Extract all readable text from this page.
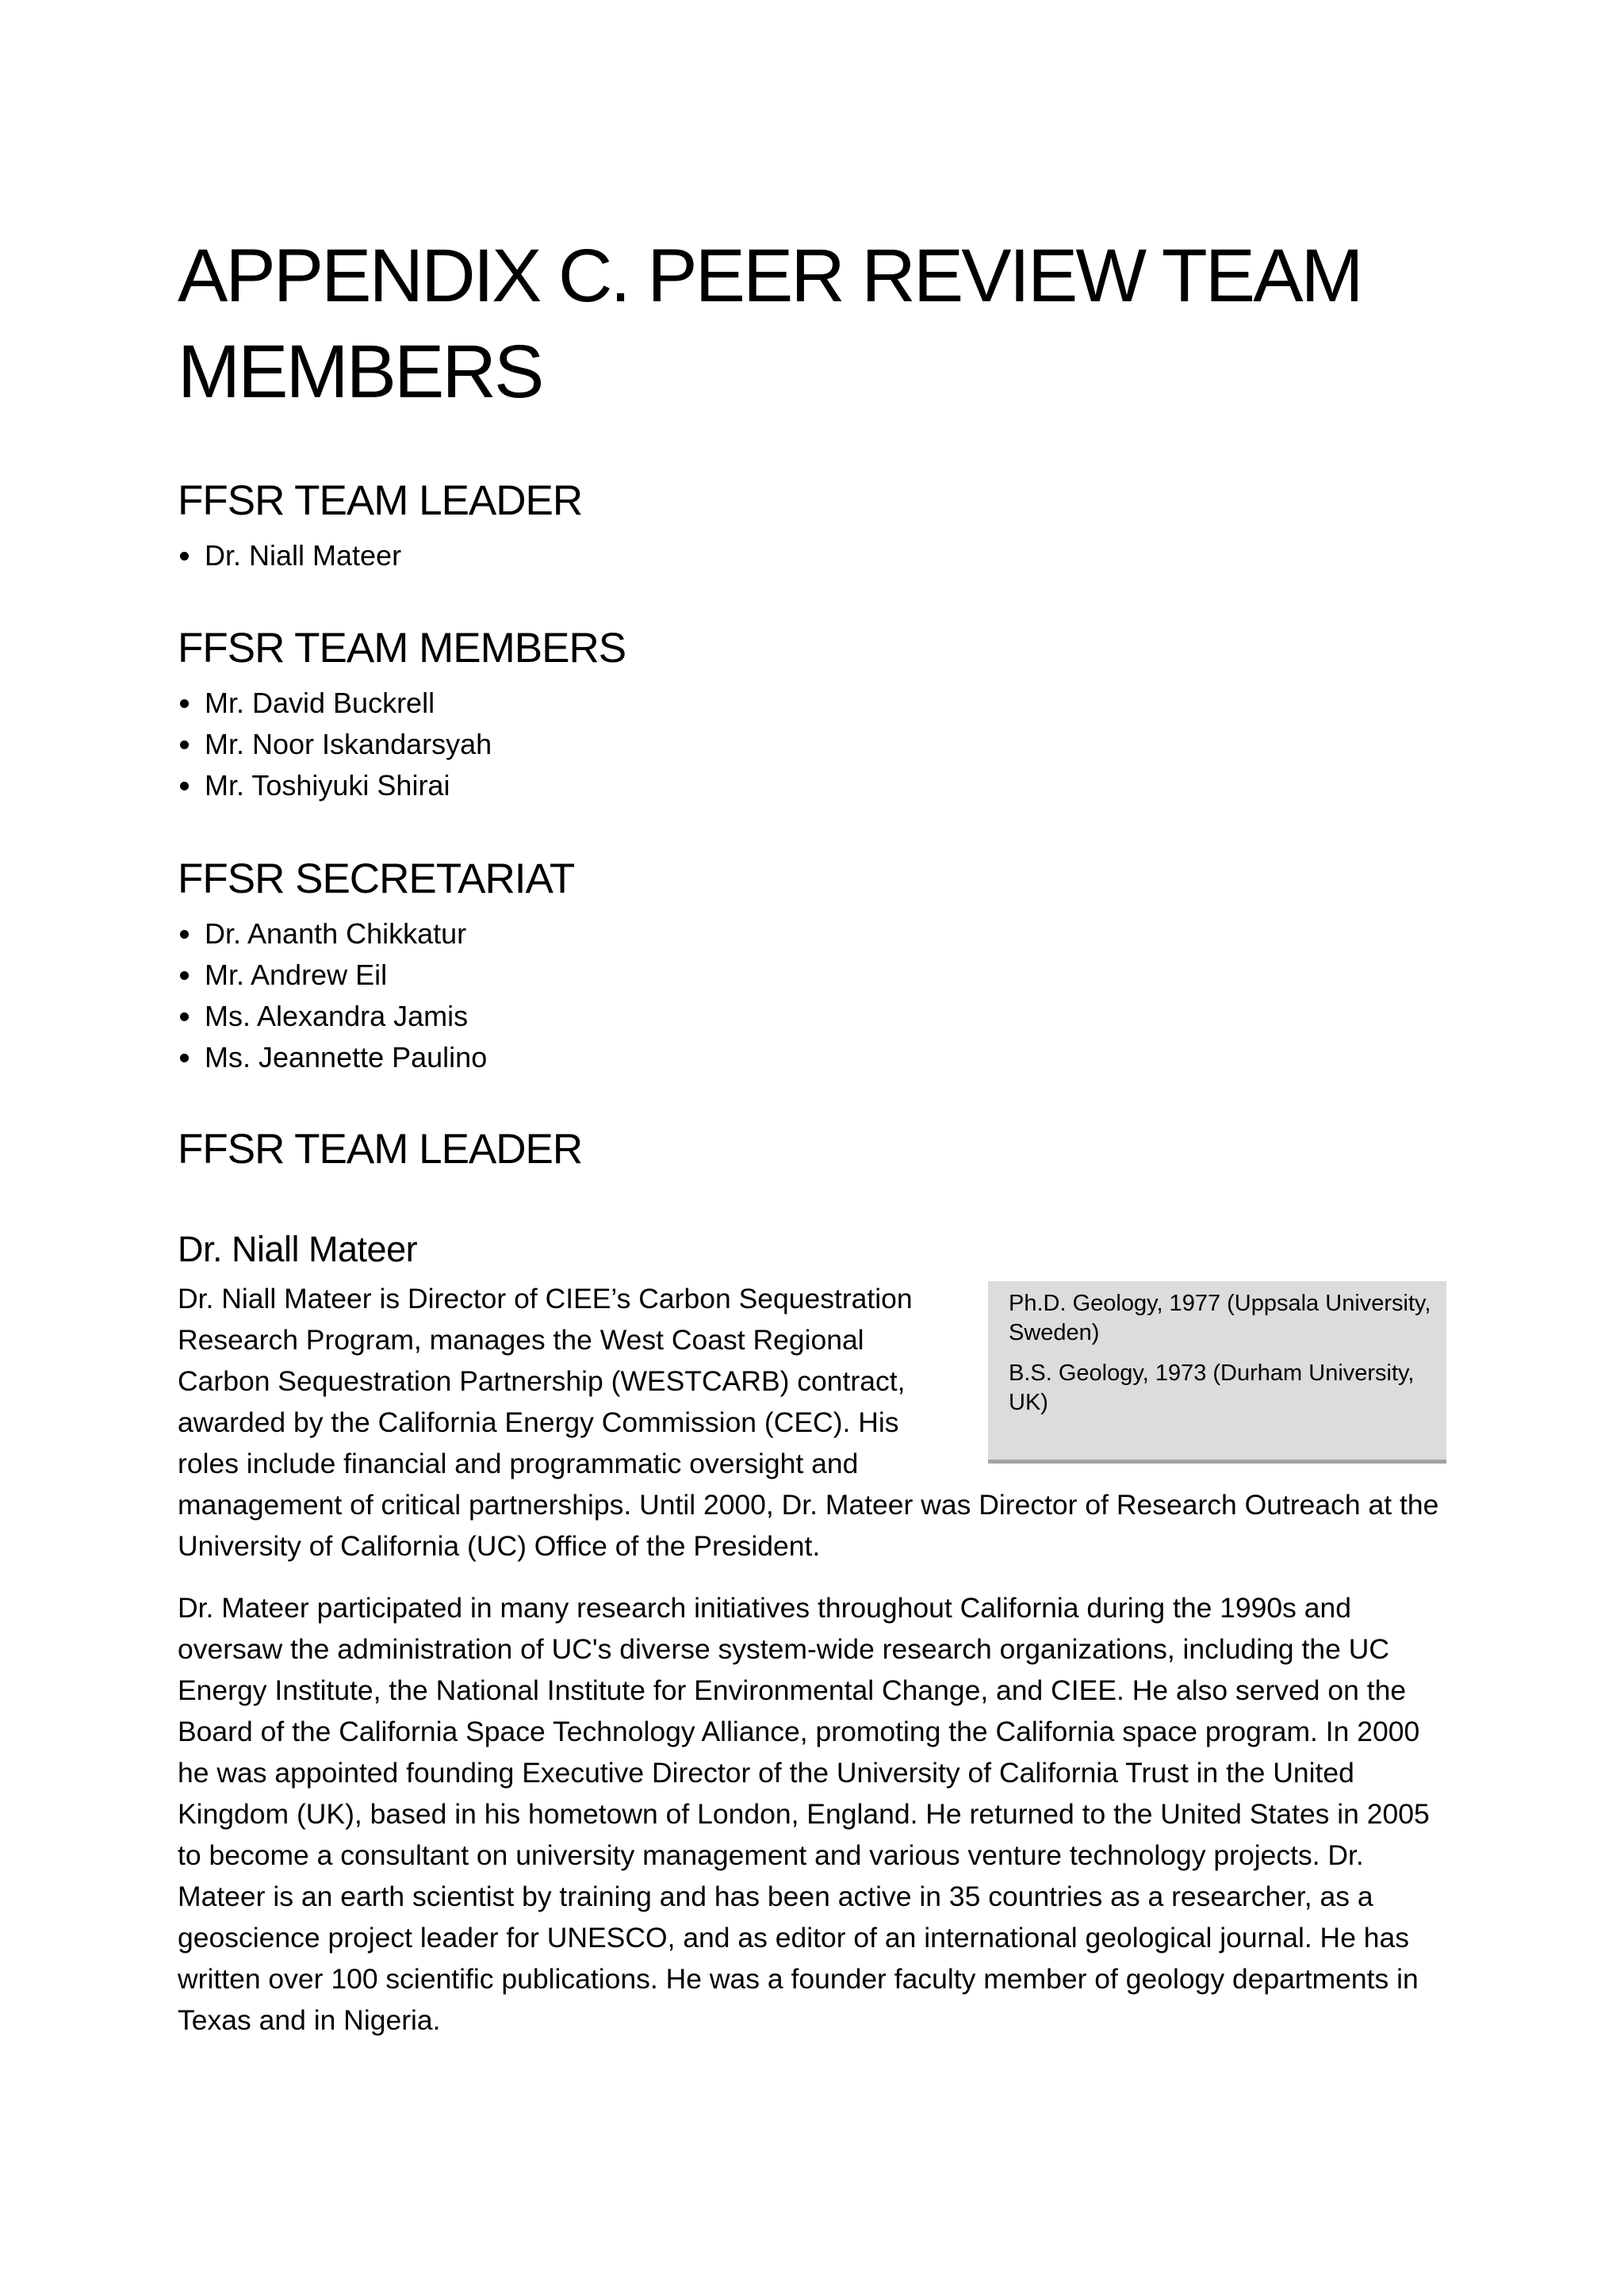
APPENDIX C. PEER REVIEW TEAM MEMBERS
FFSR TEAM LEADER
Dr. Niall Mateer
FFSR TEAM MEMBERS
Mr. David Buckrell
Mr. Noor Iskandarsyah
Mr. Toshiyuki Shirai
FFSR SECRETARIAT
Dr. Ananth Chikkatur
Mr. Andrew Eil
Ms. Alexandra Jamis
Ms. Jeannette Paulino
FFSR TEAM LEADER
Dr. Niall Mateer

Ph.D. Geology, 1977 (Uppsala University, Sweden)

B.S. Geology, 1973 (Durham University, UK)

Dr. Niall Mateer is Director of CIEE’s Carbon Sequestration Research Program, manages the West Coast Regional Carbon Sequestration Partnership (WESTCARB) contract, awarded by the California Energy Commission (CEC). His roles include financial and programmatic oversight and management of critical partnerships. Until 2000, Dr. Mateer was Director of Research Outreach at the University of California (UC) Office of the President.

Dr. Mateer participated in many research initiatives throughout California during the 1990s and oversaw the administration of UC's diverse system-wide research organizations, including the UC Energy Institute, the National Institute for Environmental Change, and CIEE. He also served on the Board of the California Space Technology Alliance, promoting the California space program. In 2000 he was appointed founding Executive Director of the University of California Trust in the United Kingdom (UK), based in his hometown of London, England. He returned to the United States in 2005 to become a consultant on university management and various venture technology projects. Dr. Mateer is an earth scientist by training and has been active in 35 countries as a researcher, as a geoscience project leader for UNESCO, and as editor of an international geological journal. He has written over 100 scientific publications. He was a founder faculty member of geology departments in Texas and in Nigeria.
